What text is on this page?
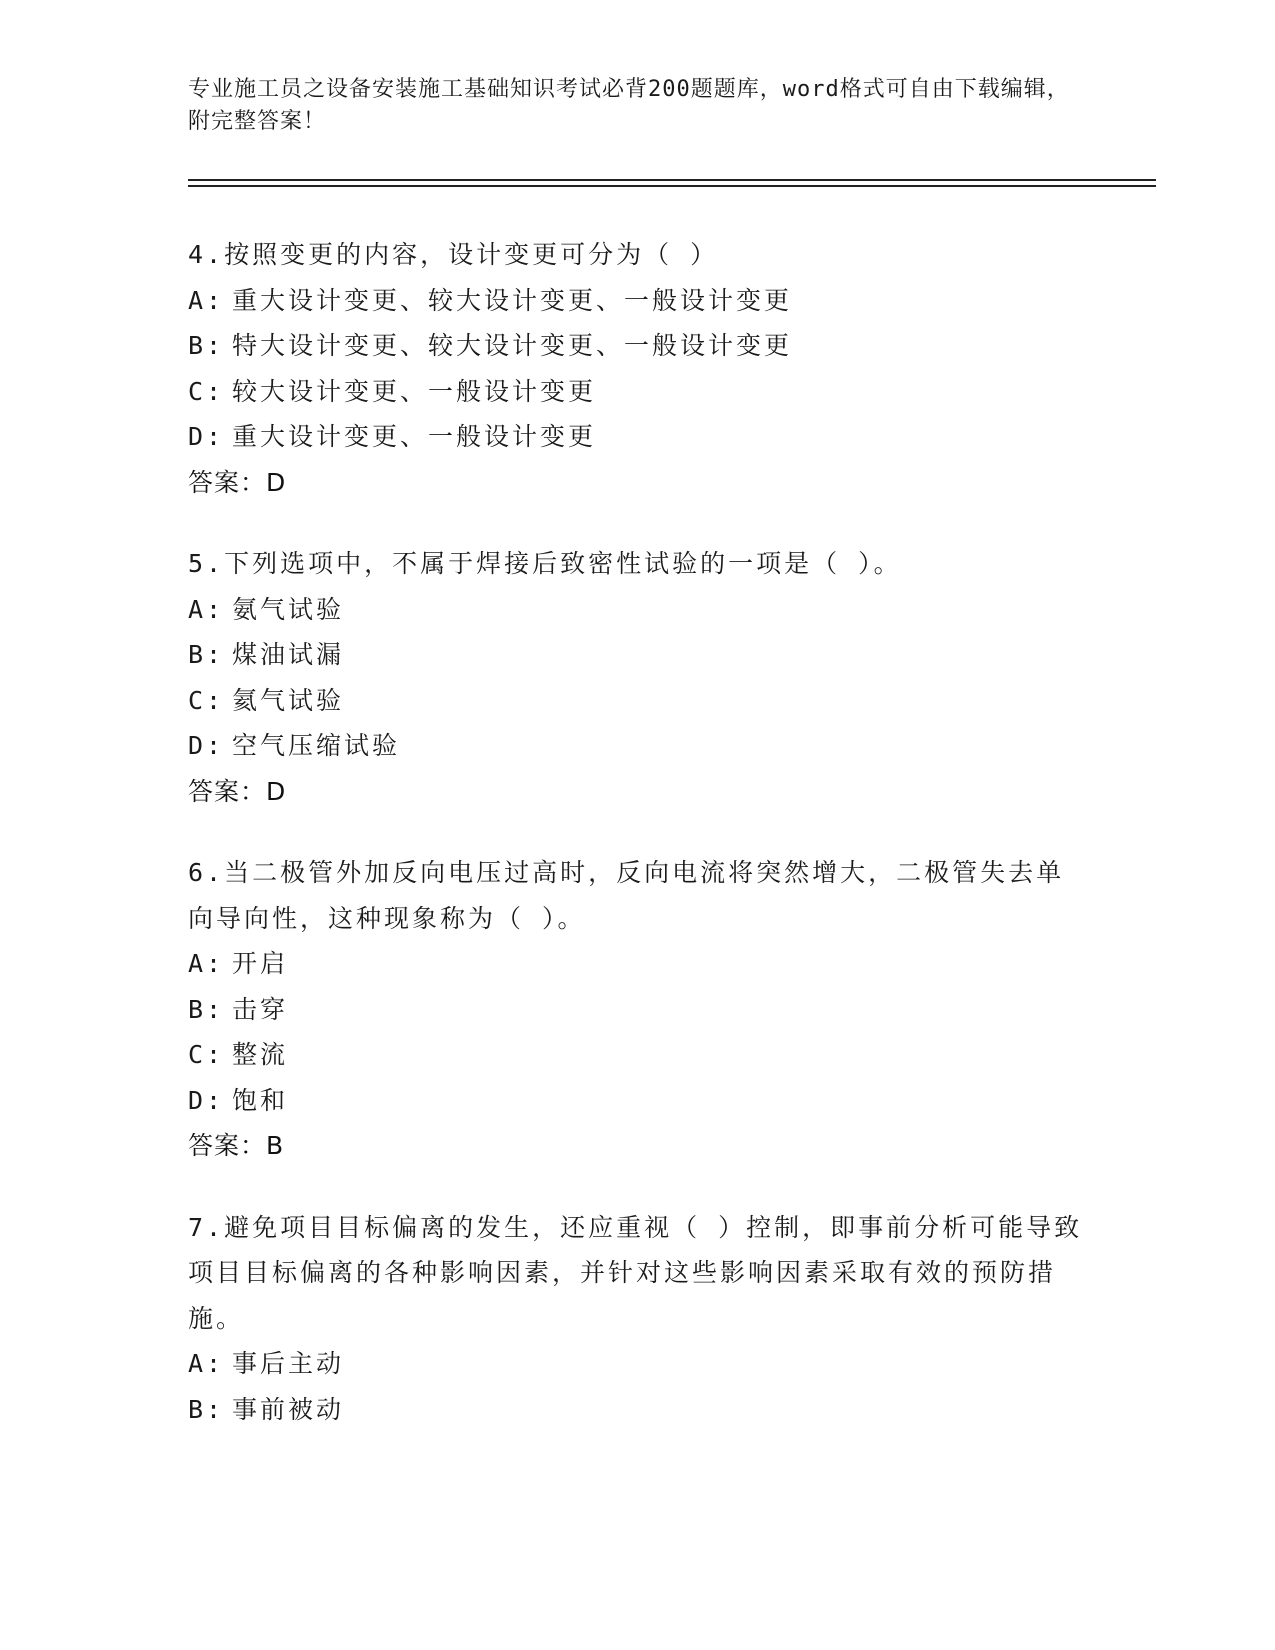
专业施工员之设备安装施工基础知识考试必背200题题库，word格式可自由下载编辑，附完整答案！
4.按照变更的内容，设计变更可分为（ ）
A: 重大设计变更、较大设计变更、一般设计变更
B: 特大设计变更、较大设计变更、一般设计变更
C: 较大设计变更、一般设计变更
D: 重大设计变更、一般设计变更
答案：D
5.下列选项中，不属于焊接后致密性试验的一项是（ ）。
A: 氨气试验
B: 煤油试漏
C: 氦气试验
D: 空气压缩试验
答案：D
6.当二极管外加反向电压过高时，反向电流将突然增大，二极管失去单向导向性，这种现象称为（ ）。
A: 开启
B: 击穿
C: 整流
D: 饱和
答案：B
7.避免项目目标偏离的发生，还应重视（ ）控制，即事前分析可能导致项目目标偏离的各种影响因素，并针对这些影响因素采取有效的预防措施。
A: 事后主动
B: 事前被动
